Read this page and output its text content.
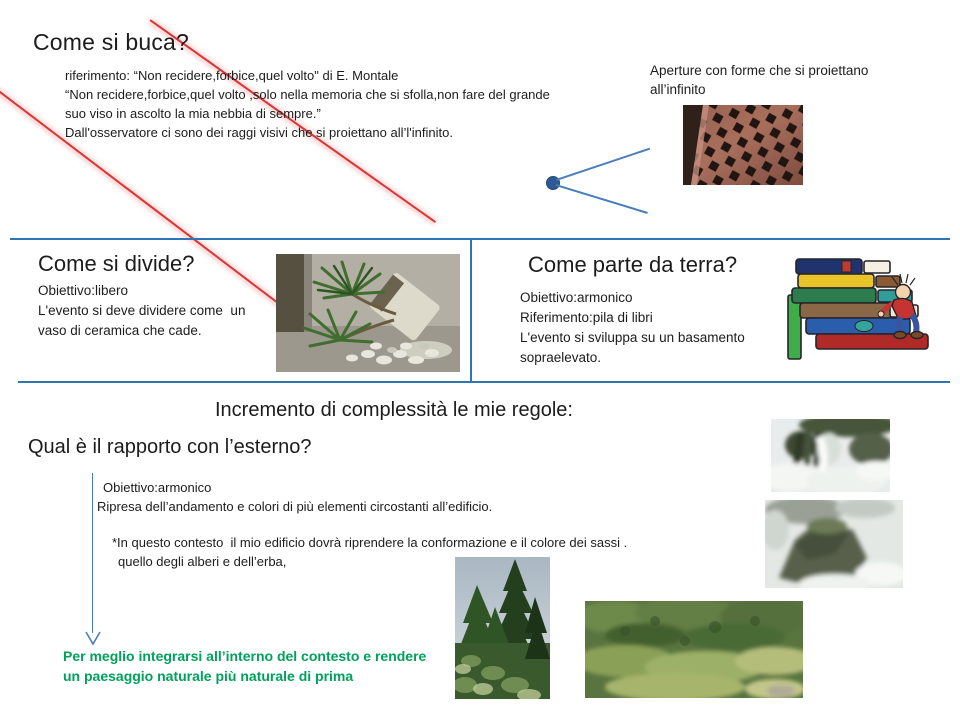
Come si buca?
riferimento: “Non recidere,forbice,quel volto" di E. Montale
“Non recidere,forbice,quel volto ,solo nella memoria che si sfolla,non fare del grande
suo viso in ascolto la mia nebbia di sempre.”
Dall'osservatore ci sono dei raggi visivi che si proiettano all’l'infinito.
Aperture con forme che si proiettano all’infinito
Come si divide?
Obiettivo:libero
L'evento si deve dividere come  un
vaso di ceramica che cade.
Come parte da terra?
Obiettivo:armonico
Riferimento:pila di libri
L'evento si sviluppa su un basamento
sopraelevato.
Incremento di complessità le mie regole:
Qual è il rapporto con l’esterno?
Obiettivo:armonico
Ripresa dell’andamento e colori di più elementi circostanti all’edificio.
*In questo contesto  il mio edificio dovrà riprendere la conformazione e il colore dei sassi .
quello degli alberi e dell’erba,
Per meglio integrarsi all’interno del contesto e rendere
un paesaggio naturale più naturale di prima
